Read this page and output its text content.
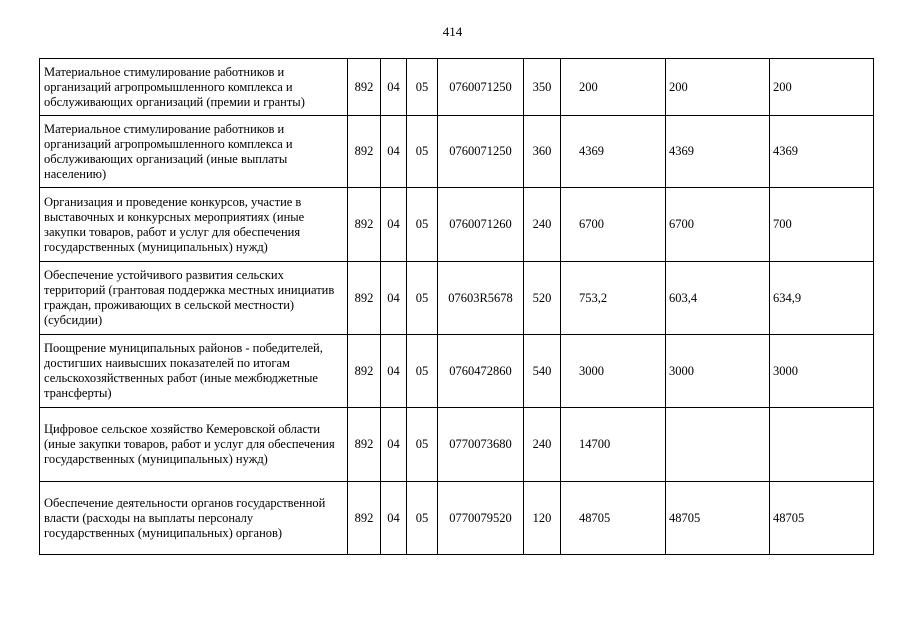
414
Материальное стимулирование работников и организаций агропромышленного комплекса и обслуживающих организаций (премии и гранты)	892	04	05	0760071250	350	200	200	200
Материальное стимулирование работников и организаций агропромышленного комплекса и обслуживающих организаций (иные выплаты населению)	892	04	05	0760071250	360	4369	4369	4369
Организация и проведение конкурсов, участие в выставочных и конкурсных мероприятиях (иные закупки товаров, работ и услуг для обеспечения государственных (муниципальных) нужд)	892	04	05	0760071260	240	6700	6700	700
Обеспечение устойчивого развития сельских территорий (грантовая поддержка местных инициатив граждан, проживающих в сельской местности) (субсидии)	892	04	05	07603R5678	520	753,2	603,4	634,9
Поощрение муниципальных районов - победителей, достигших наивысших показателей по итогам сельскохозяйственных работ (иные межбюджетные трансферты)	892	04	05	0760472860	540	3000	3000	3000
Цифровое сельское хозяйство Кемеровской области (иные закупки товаров, работ и услуг для обеспечения государственных (муниципальных) нужд)	892	04	05	0770073680	240	14700		
Обеспечение деятельности органов государственной власти (расходы на выплаты персоналу государственных (муниципальных) органов)	892	04	05	0770079520	120	48705	48705	48705
